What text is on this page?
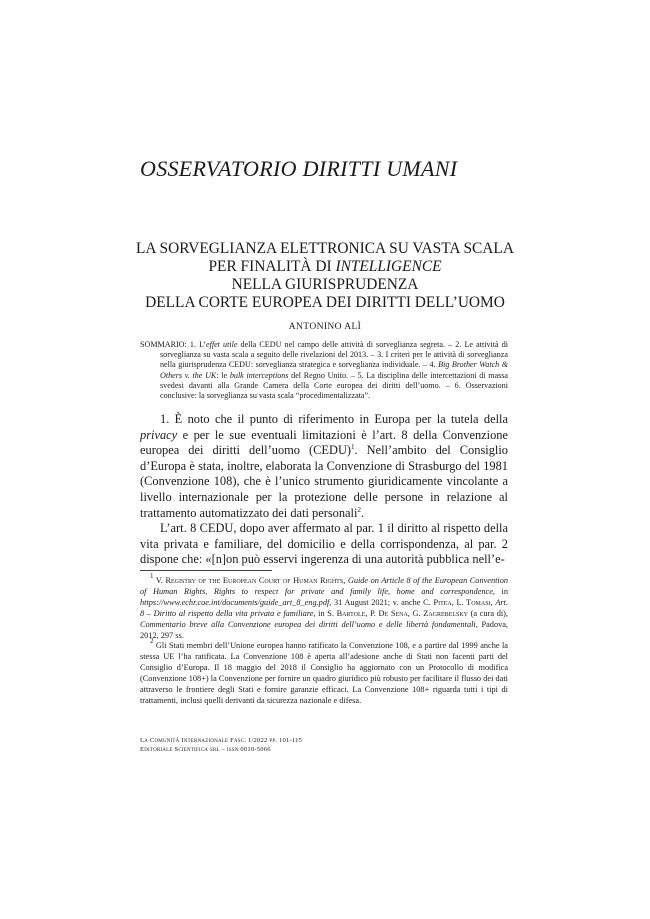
OSSERVATORIO DIRITTI UMANI
LA SORVEGLIANZA ELETTRONICA SU VASTA SCALA
PER FINALITÀ DI INTELLIGENCE
NELLA GIURISPRUDENZA
DELLA CORTE EUROPEA DEI DIRITTI DELL’UOMO
ANTONINO ALÌ

SOMMARIO: 1. L’effet utile della CEDU nel campo delle attività di sorveglianza segreta. – 2. Le attività di sorveglianza su vasta scala a seguito delle rivelazioni del 2013. – 3. I criteri per le attività di sorveglianza nella giurisprudenza CEDU: sorveglianza strategica e sorveglianza individuale. – 4. Big Brother Watch & Others v. the UK: le bulk interceptions del Regno Unito. – 5. La disciplina delle intercettazioni di massa svedesi davanti alla Grande Camera della Corte europea dei diritti dell’uomo. – 6. Osservazioni conclusive: la sorveglianza su vasta scala “procedimentalizzata”.

1. È noto che il punto di riferimento in Europa per la tutela della privacy e per le sue eventuali limitazioni è l’art. 8 della Convenzione europea dei diritti dell’uomo (CEDU)$^1$. Nell’ambito del Consiglio d’Europa è stata, inoltre, elaborata la Convenzione di Strasburgo del 1981 (Convenzione 108), che è l’unico strumento giuridicamente vincolante a livello internazionale per la protezione delle persone in relazione al trattamento automatizzato dei dati personali$^2$.

L’art. 8 CEDU, dopo aver affermato al par. 1 il diritto al rispetto della vita privata e familiare, del domicilio e della corrispondenza, al par. 2 dispone che: «[n]on può esservi ingerenza di una autorità pubblica nell’e-

$^1$ V. Registry of the European Court of Human Rights, Guide on Article 8 of the European Convention of Human Rights, Rights to respect for private and family life, home and correspondence, in https://www.echr.coe.int/documents/guide_art_8_eng.pdf, 31 August 2021; v. anche C. Pitea, L. Tomasi, Art. 8 – Diritto al rispetto della vita privata e familiare, in S. Bartole, P. De Sena, G. Zagrebelsky (a cura di), Commentario breve alla Convenzione europea dei diritti dell’uomo e delle libertà fondamentali, Padova, 2012, 297 ss.

$^2$ Gli Stati membri dell’Unione europea hanno ratificato la Convenzione 108, e a partire dal 1999 anche la stessa UE l’ha ratificata. La Convenzione 108 è aperta all’adesione anche di Stati non facenti parti del Consiglio d’Europa. Il 18 maggio del 2018 il Consiglio ha aggiornato con un Protocollo di modifica (Convenzione 108+) la Convenzione per fornire un quadro giuridico più robusto per facilitare il flusso dei dati attraverso le frontiere degli Stati e fornire garanzie efficaci. La Convenzione 108+ riguarda tutti i tipi di trattamenti, inclusi quelli derivanti da sicurezza nazionale e difesa.

La Comunità Internazionale Fasc. 1/2022 pp. 101-115
Editoriale Scientifica srl – issn 0010-5066
